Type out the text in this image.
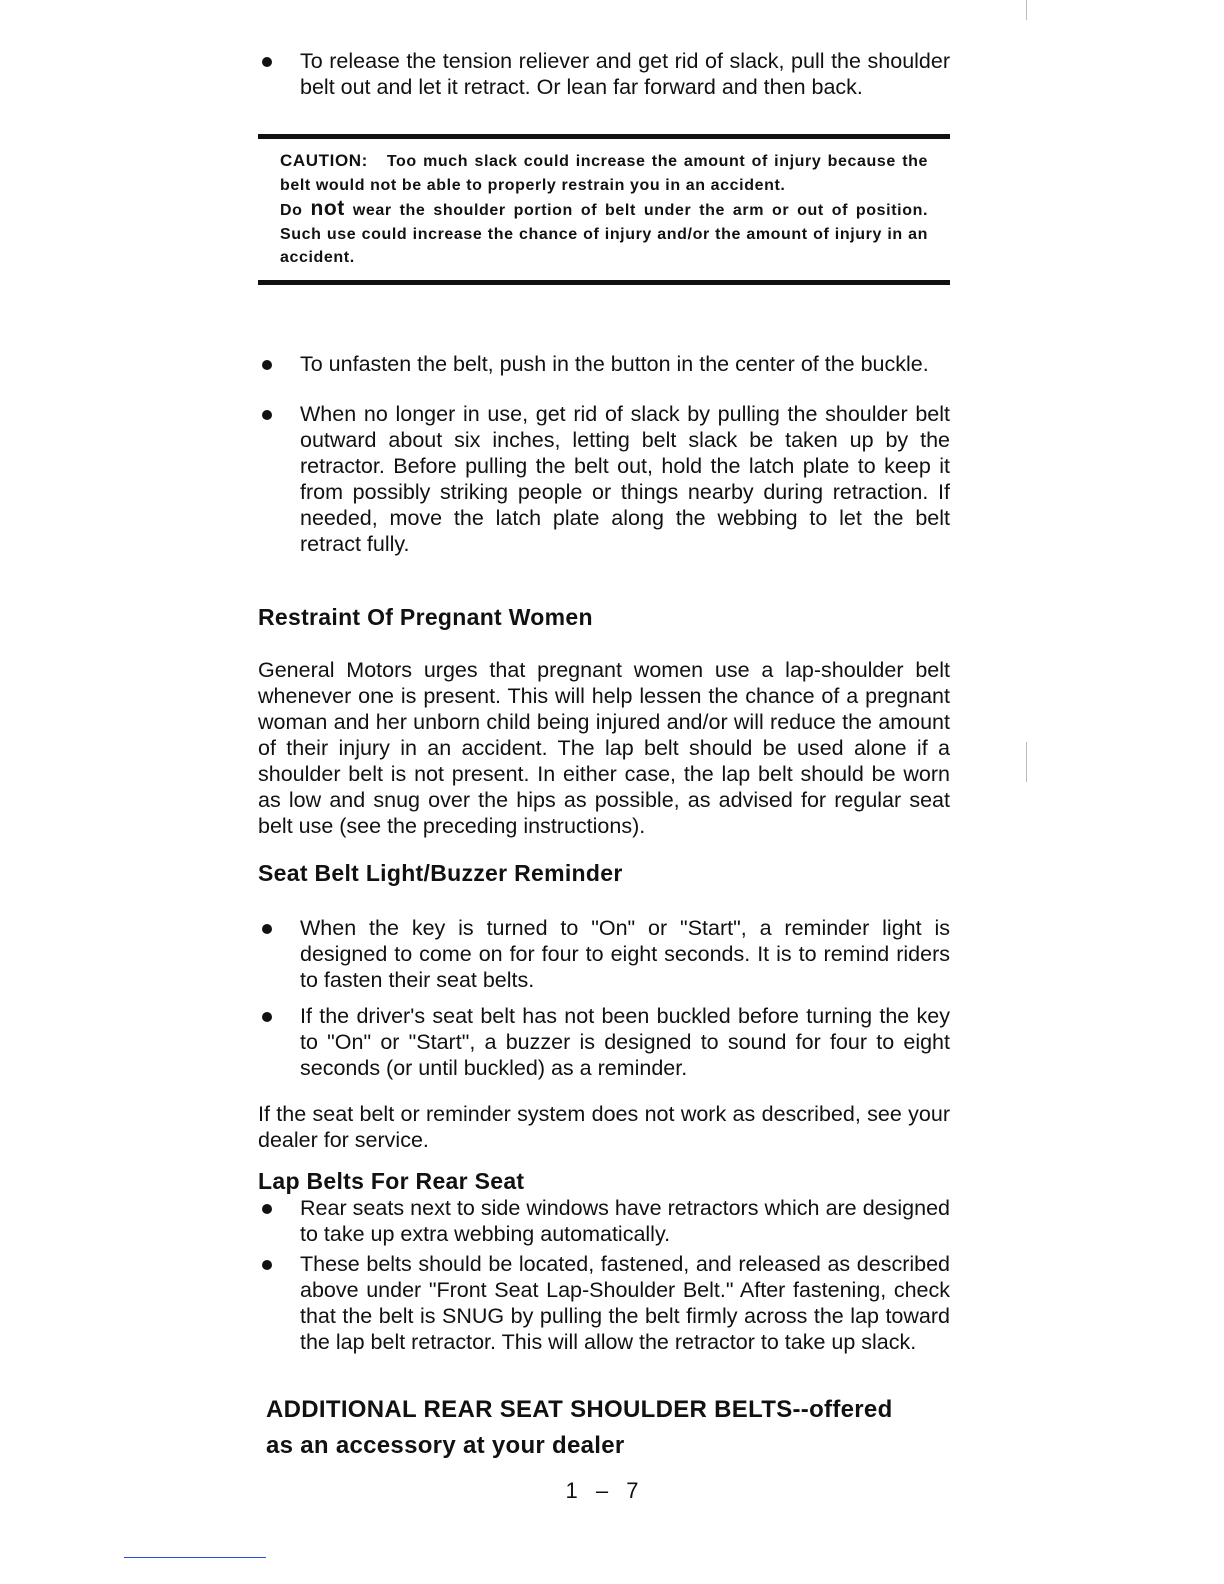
To release the tension reliever and get rid of slack, pull the shoulder belt out and let it retract. Or lean far forward and then back.

CAUTION: Too much slack could increase the amount of injury because the belt would not be able to properly restrain you in an accident.

Do not wear the shoulder portion of belt under the arm or out of position. Such use could increase the chance of injury and/or the amount of injury in an accident.

To unfasten the belt, push in the button in the center of the buckle.
When no longer in use, get rid of slack by pulling the shoulder belt outward about six inches, letting belt slack be taken up by the retractor. Before pulling the belt out, hold the latch plate to keep it from possibly striking people or things nearby during retraction. If needed, move the latch plate along the webbing to let the belt retract fully.
Restraint Of Pregnant Women

General Motors urges that pregnant women use a lap-shoulder belt whenever one is present. This will help lessen the chance of a pregnant woman and her unborn child being injured and/or will reduce the amount of their injury in an accident. The lap belt should be used alone if a shoulder belt is not present. In either case, the lap belt should be worn as low and snug over the hips as possible, as advised for regular seat belt use (see the preceding instructions).

Seat Belt Light/Buzzer Reminder
When the key is turned to "On" or "Start", a reminder light is designed to come on for four to eight seconds. It is to remind riders to fasten their seat belts.
If the driver's seat belt has not been buckled before turning the key to "On" or "Start", a buzzer is designed to sound for four to eight seconds (or until buckled) as a reminder.

If the seat belt or reminder system does not work as described, see your dealer for service.

Lap Belts For Rear Seat
Rear seats next to side windows have retractors which are designed to take up extra webbing automatically.
These belts should be located, fastened, and released as described above under "Front Seat Lap-Shoulder Belt." After fastening, check that the belt is SNUG by pulling the belt firmly across the lap toward the lap belt retractor. This will allow the retractor to take up slack.

ADDITIONAL REAR SEAT SHOULDER BELTS--offered

as an accessory at your dealer

1 – 7
